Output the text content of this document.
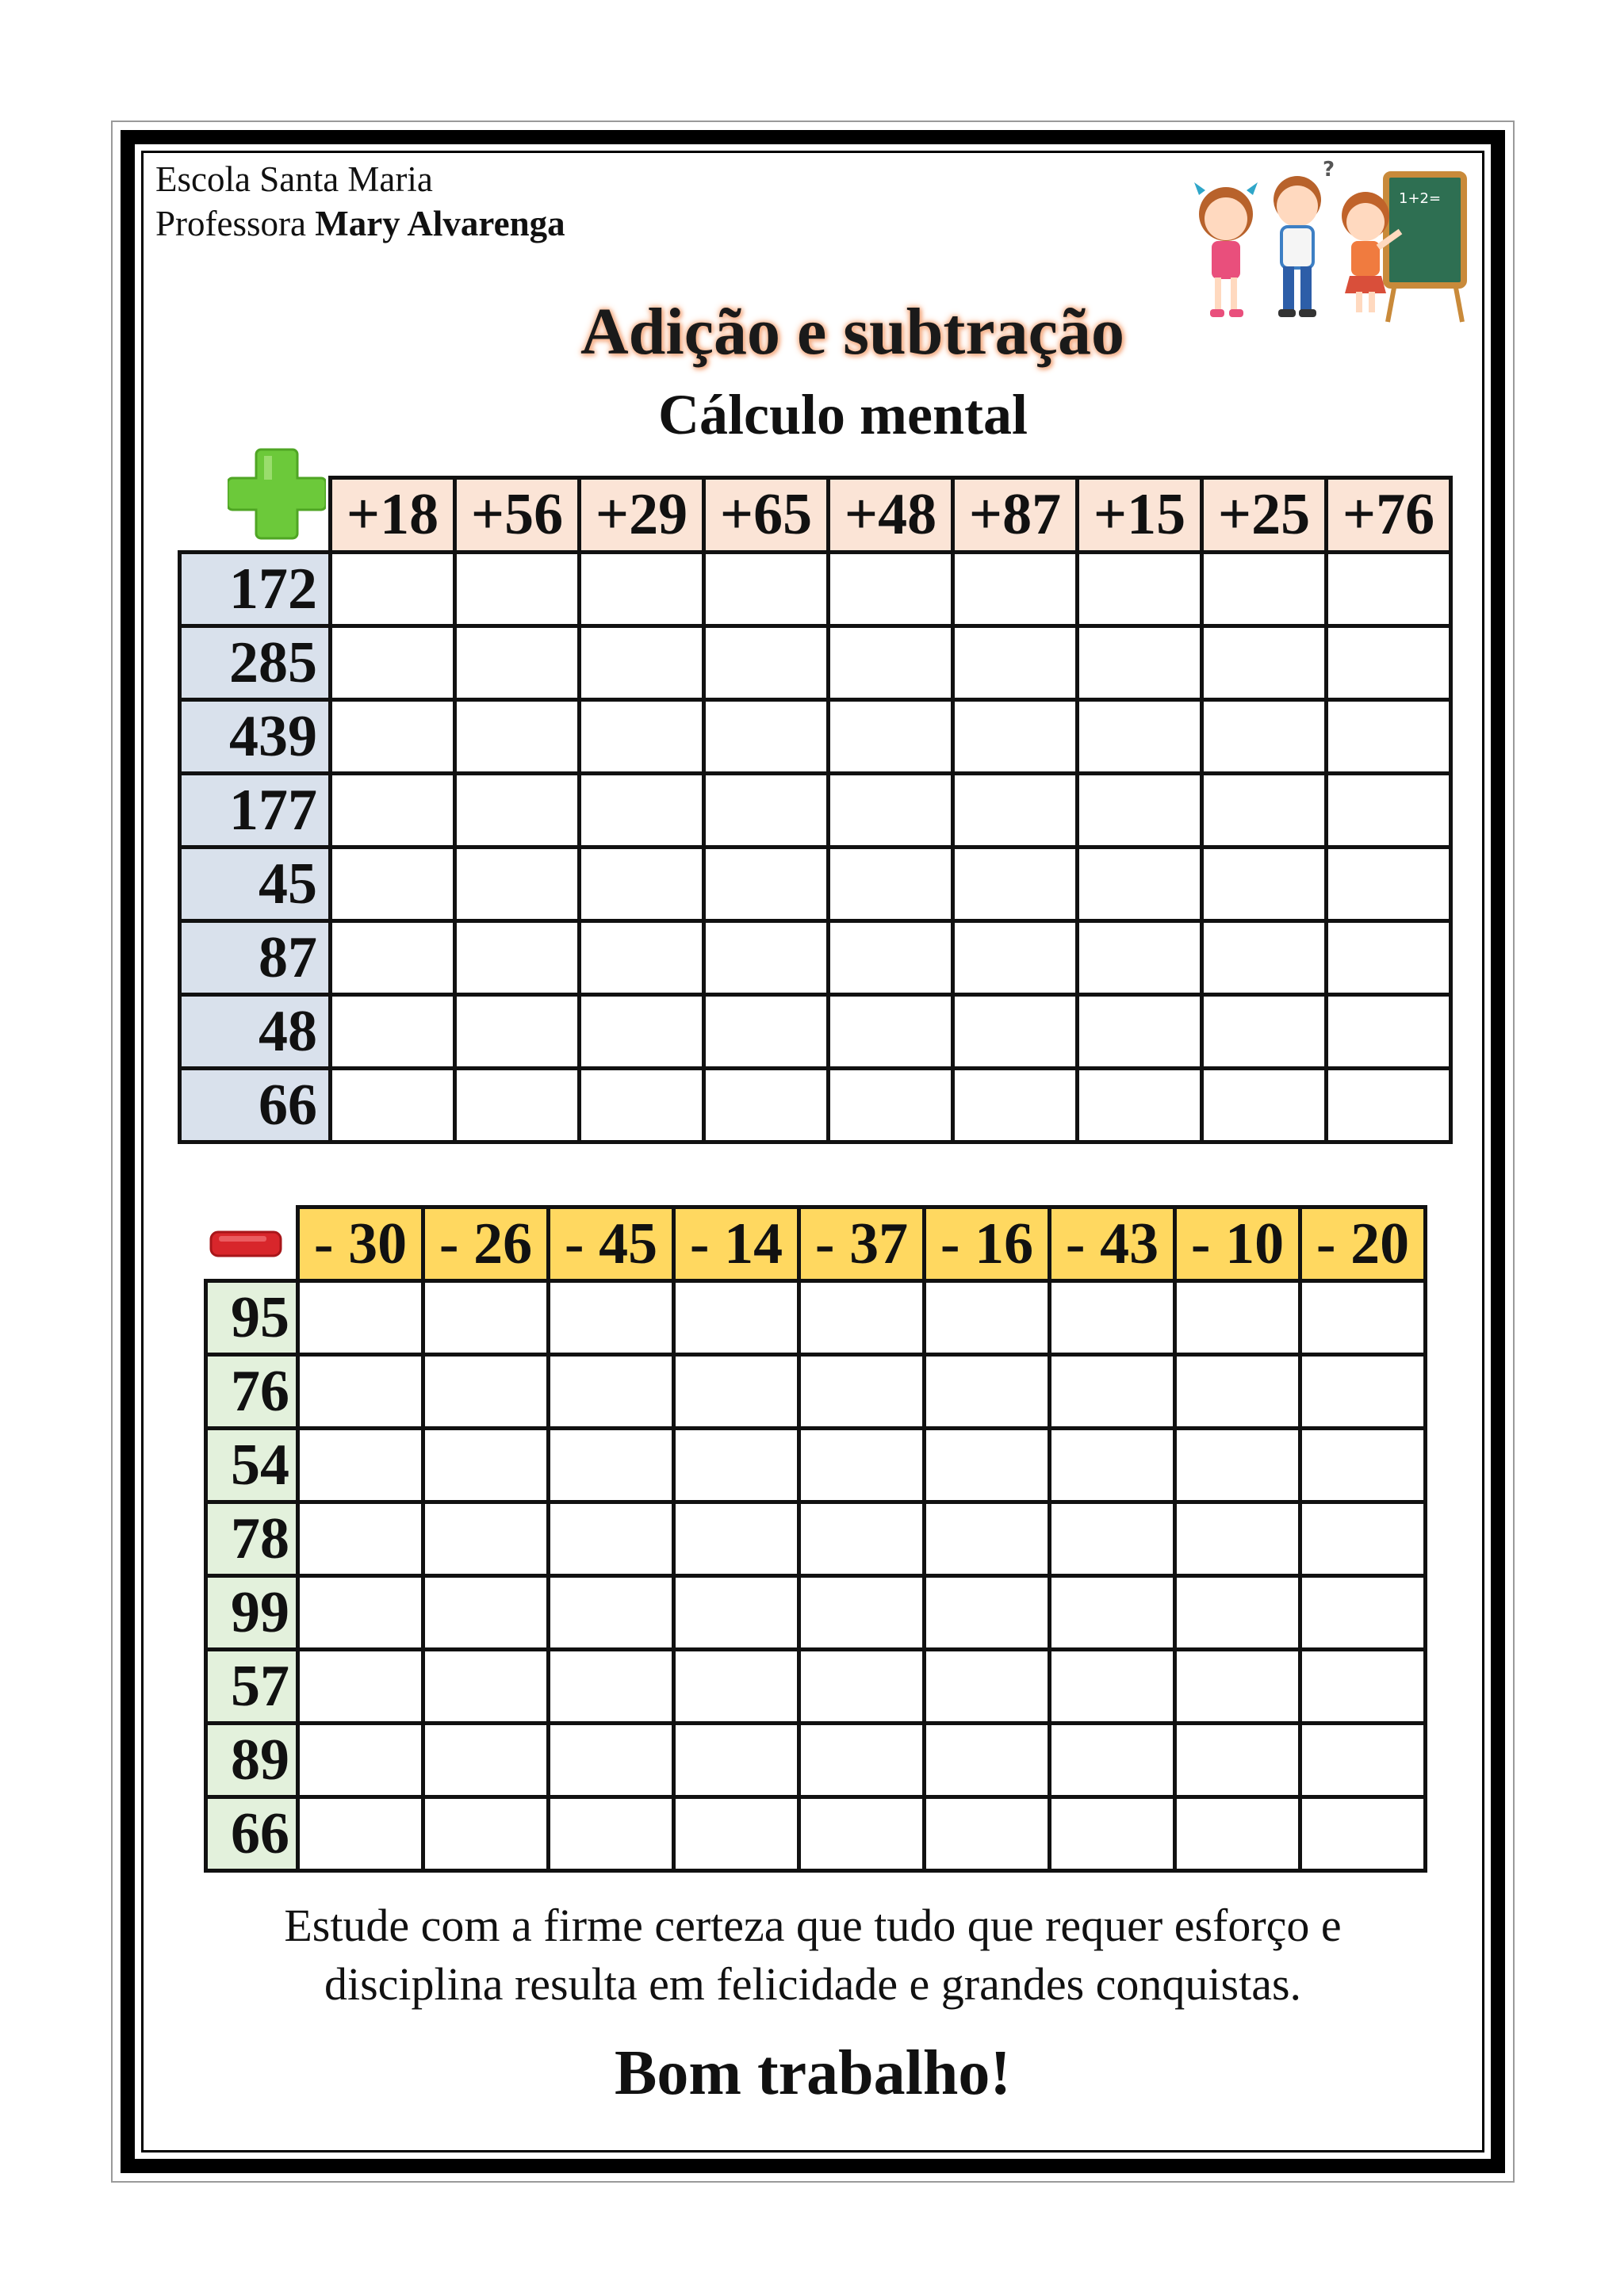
Escola Santa Maria
Professora Mary Alvarenga
1+2=
?
Adição e subtração
Cálculo mental
	+18	+56	+29	+65	+48	+87	+15	+25	+76
172									
285									
439									
177									
45									
87									
48									
66									
	- 30	- 26	- 45	- 14	- 37	- 16	- 43	- 10	- 20
95									
76									
54									
78									
99									
57									
89									
66									
Estude com a firme certeza que tudo que requer esforço e
disciplina resulta em felicidade e grandes conquistas.
Bom trabalho!
